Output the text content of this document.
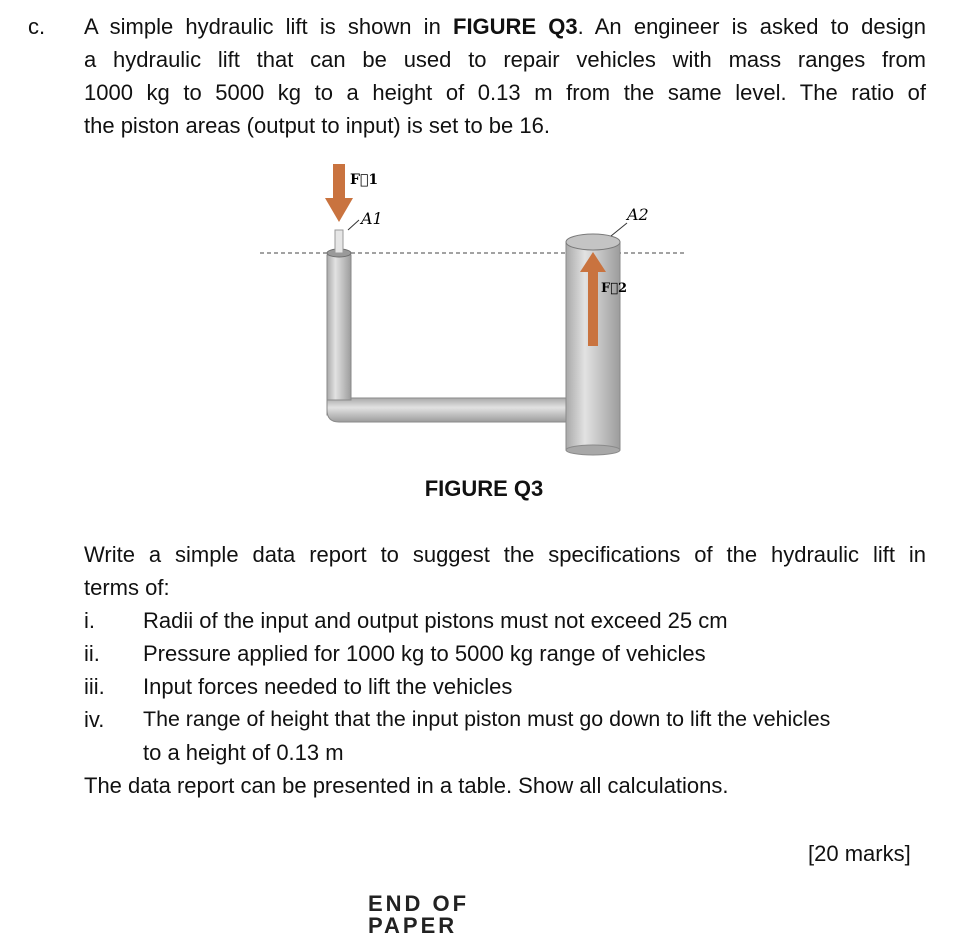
c. A simple hydraulic lift is shown in FIGURE Q3. An engineer is asked to design
a hydraulic lift that can be used to repair vehicles with mass ranges from
1000 kg to 5000 kg to a height of 0.13 m from the same level. The ratio of
the piston areas (output to input) is set to be 16.
F⃗1
A1	A2
F⃗2
FIGURE Q3
Write a simple data report to suggest the specifications of the hydraulic lift in
terms of:
i. Radii of the input and output pistons must not exceed 25 cm
ii. Pressure applied for 1000 kg to 5000 kg range of vehicles
iii. Input forces needed to lift the vehicles
iv. The range of height that the input piston must go down to lift the vehicles
to a height of 0.13 m
The data report can be presented in a table. Show all calculations.
[20 marks]
END OF PAPER
